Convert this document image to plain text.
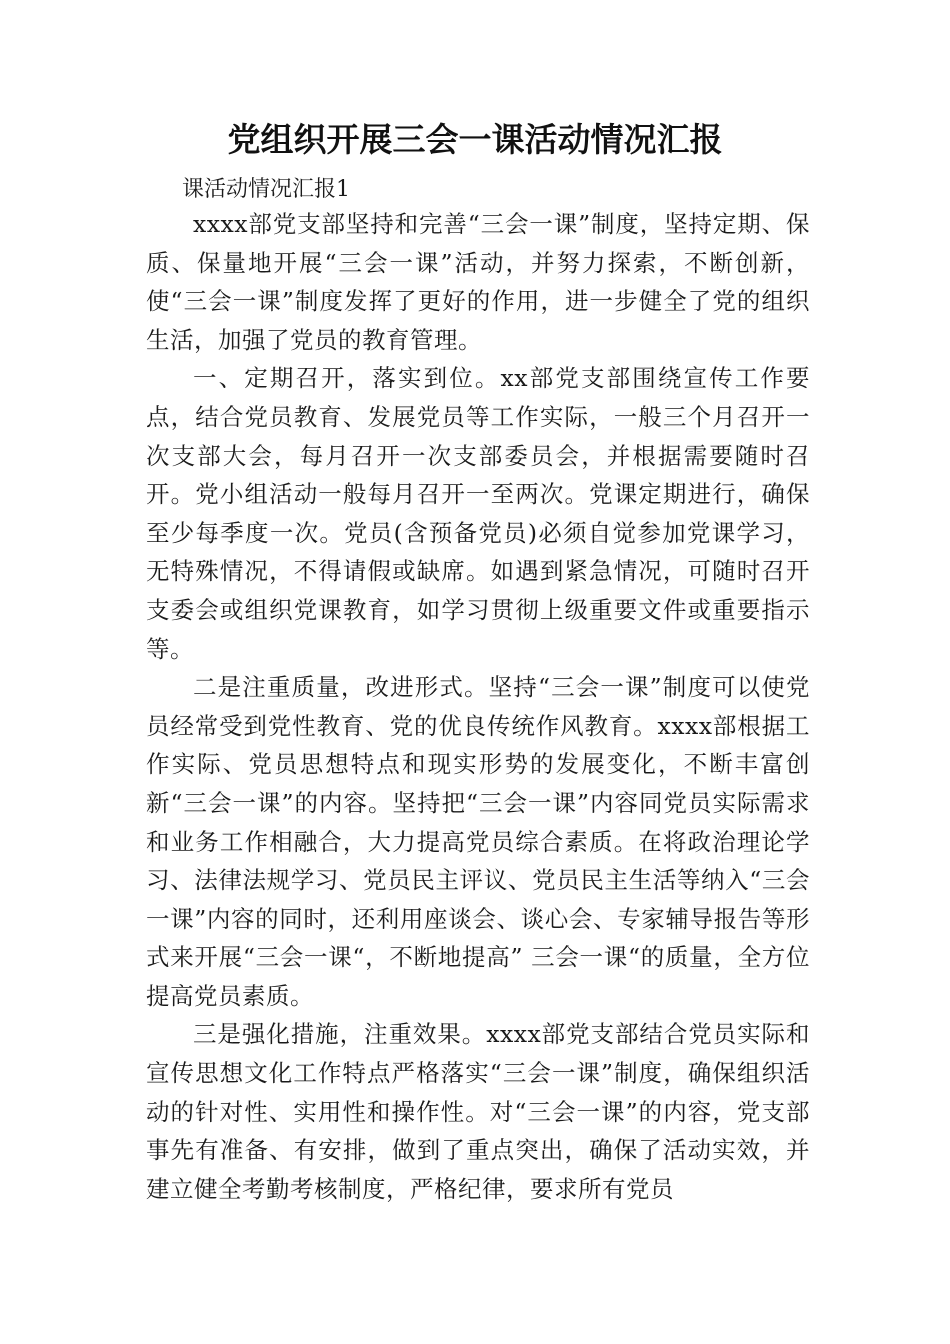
党组织开展三会一课活动情况汇报

课活动情况汇报1

xxxx部党支部坚持和完善“三会一课”制度，坚持定期、保质、保量地开展“三会一课”活动，并努力探索，不断创新，使“三会一课”制度发挥了更好的作用，进一步健全了党的组织生活，加强了党员的教育管理。

一、定期召开，落实到位。xx部党支部围绕宣传工作要点，结合党员教育、发展党员等工作实际，一般三个月召开一次支部大会，每月召开一次支部委员会，并根据需要随时召开。党小组活动一般每月召开一至两次。党课定期进行，确保至少每季度一次。党员(含预备党员)必须自觉参加党课学习，无特殊情况，不得请假或缺席。如遇到紧急情况，可随时召开支委会或组织党课教育，如学习贯彻上级重要文件或重要指示等。

二是注重质量，改进形式。坚持“三会一课”制度可以使党员经常受到党性教育、党的优良传统作风教育。xxxx部根据工作实际、党员思想特点和现实形势的发展变化，不断丰富创新“三会一课”的内容。坚持把“三会一课”内容同党员实际需求和业务工作相融合，大力提高党员综合素质。在将政治理论学习、法律法规学习、党员民主评议、党员民主生活等纳入“三会一课”内容的同时，还利用座谈会、谈心会、专家辅导报告等形式来开展“三会一课“，不断地提高” 三会一课“的质量，全方位提高党员素质。

三是强化措施，注重效果。xxxx部党支部结合党员实际和宣传思想文化工作特点严格落实“三会一课”制度，确保组织活动的针对性、实用性和操作性。对“三会一课”的内容，党支部事先有准备、有安排，做到了重点突出，确保了活动实效，并建立健全考勤考核制度，严格纪律，要求所有党员
